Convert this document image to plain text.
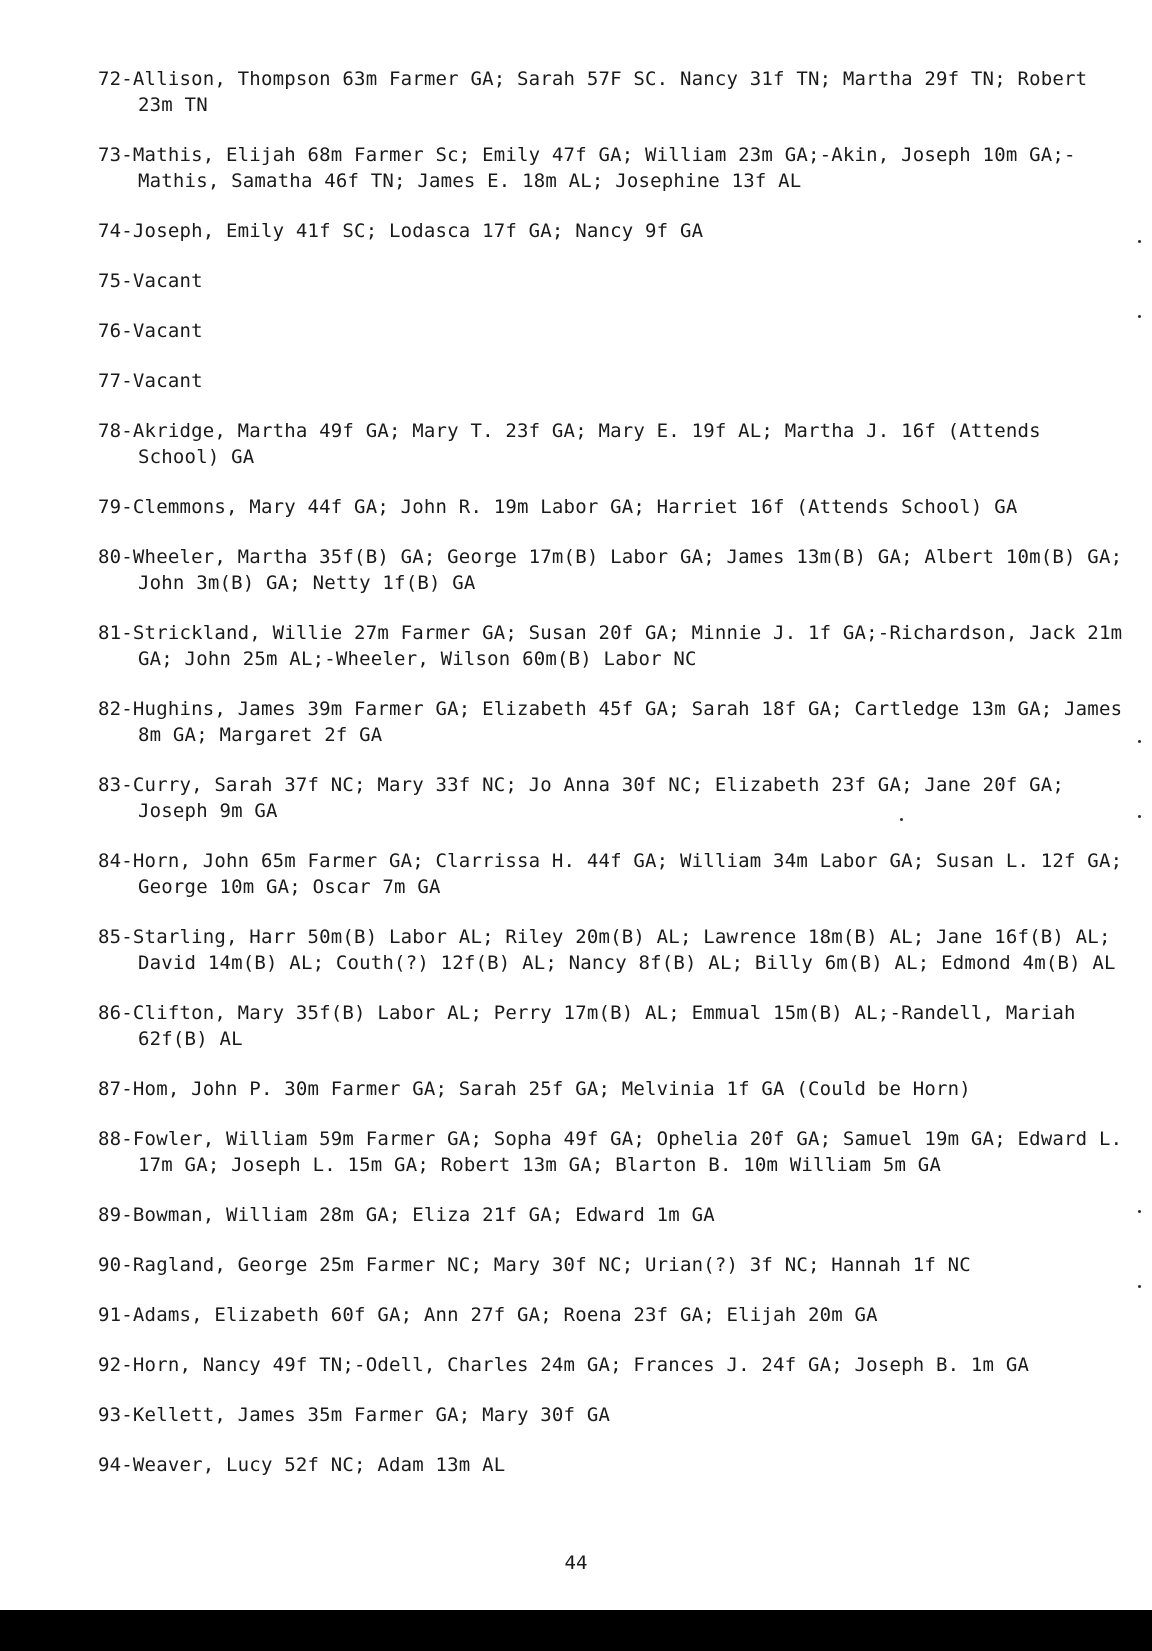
72-Allison, Thompson 63m Farmer GA; Sarah 57F SC. Nancy 31f TN; Martha 29f TN; Robert 23m TN

73-Mathis, Elijah 68m Farmer Sc; Emily 47f GA; William 23m GA;-Akin, Joseph 10m GA;-Mathis, Samatha 46f TN; James E. 18m AL; Josephine 13f AL

74-Joseph, Emily 41f SC; Lodasca 17f GA; Nancy 9f GA

75-Vacant

76-Vacant

77-Vacant

78-Akridge, Martha 49f GA; Mary T. 23f GA; Mary E. 19f AL; Martha J. 16f (Attends School) GA

79-Clemmons, Mary 44f GA; John R. 19m Labor GA; Harriet 16f (Attends School) GA

80-Wheeler, Martha 35f(B) GA; George 17m(B) Labor GA; James 13m(B) GA; Albert 10m(B) GA; John 3m(B) GA; Netty 1f(B) GA

81-Strickland, Willie 27m Farmer GA; Susan 20f GA; Minnie J. 1f GA;-Richardson, Jack 21m GA; John 25m AL;-Wheeler, Wilson 60m(B) Labor NC

82-Hughins, James 39m Farmer GA; Elizabeth 45f GA; Sarah 18f GA; Cartledge 13m GA; James 8m GA; Margaret 2f GA

83-Curry, Sarah 37f NC; Mary 33f NC; Jo Anna 30f NC; Elizabeth 23f GA; Jane 20f GA; Joseph 9m GA

84-Horn, John 65m Farmer GA; Clarrissa H. 44f GA; William 34m Labor GA; Susan L. 12f GA; George 10m GA; Oscar 7m GA

85-Starling, Harr 50m(B) Labor AL; Riley 20m(B) AL; Lawrence 18m(B) AL; Jane 16f(B) AL; David 14m(B) AL; Couth(?) 12f(B) AL; Nancy 8f(B) AL; Billy 6m(B) AL; Edmond 4m(B) AL

86-Clifton, Mary 35f(B) Labor AL; Perry 17m(B) AL; Emmual 15m(B) AL;-Randell, Mariah 62f(B) AL

87-Hom, John P. 30m Farmer GA; Sarah 25f GA; Melvinia 1f GA (Could be Horn)

88-Fowler, William 59m Farmer GA; Sopha 49f GA; Ophelia 20f GA; Samuel 19m GA; Edward L. 17m GA; Joseph L. 15m GA; Robert 13m GA; Blarton B. 10m William 5m GA

89-Bowman, William 28m GA; Eliza 21f GA; Edward 1m GA

90-Ragland, George 25m Farmer NC; Mary 30f NC; Urian(?) 3f NC; Hannah 1f NC

91-Adams, Elizabeth 60f GA; Ann 27f GA; Roena 23f GA; Elijah 20m GA

92-Horn, Nancy 49f TN;-Odell, Charles 24m GA; Frances J. 24f GA; Joseph B. 1m GA

93-Kellett, James 35m Farmer GA; Mary 30f GA

94-Weaver, Lucy 52f NC; Adam 13m AL

44
